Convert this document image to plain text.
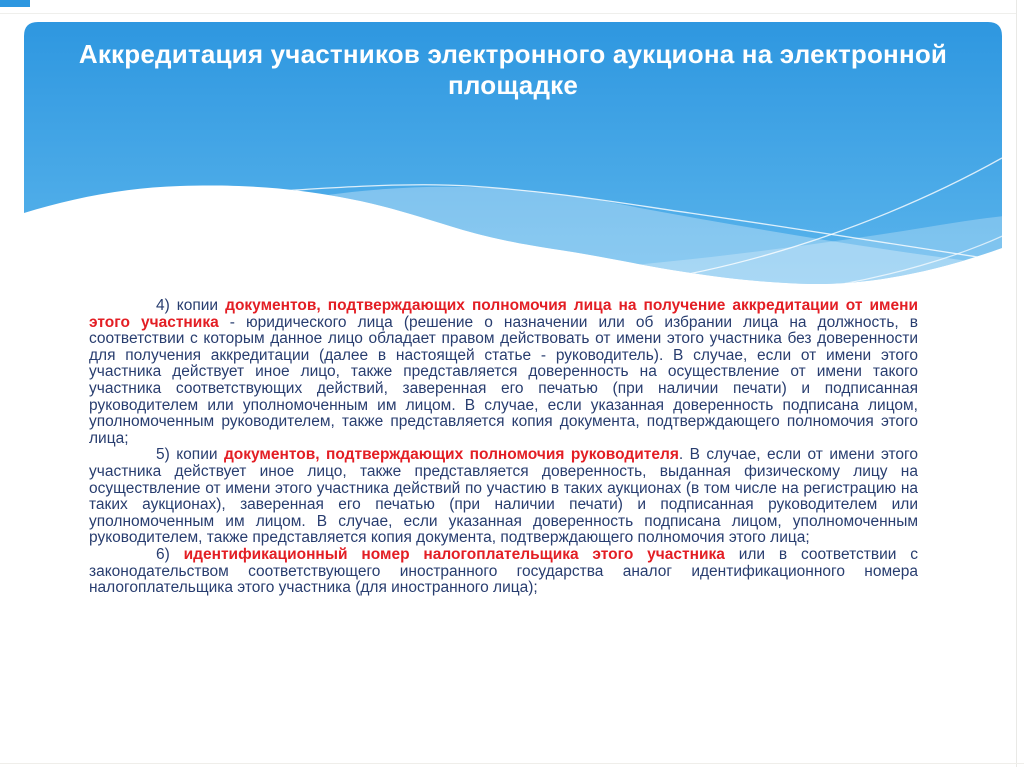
Аккредитация участников электронного аукциона на электронной
площадке

4) копии документов, подтверждающих полномочия лица на получение аккредитации от имени этого участника - юридического лица (решение о назначении или об избрании лица на должность, в соответствии с которым данное лицо обладает правом действовать от имени этого участника без доверенности для получения аккредитации (далее в настоящей статье - руководитель). В случае, если от имени этого участника действует иное лицо, также представляется доверенность на осуществление от имени такого участника соответствующих действий, заверенная его печатью (при наличии печати) и подписанная руководителем или уполномоченным им лицом. В случае, если указанная доверенность подписана лицом, уполномоченным руководителем, также представляется копия документа, подтверждающего полномочия этого лица;

5) копии документов, подтверждающих полномочия руководителя. В случае, если от имени этого участника действует иное лицо, также представляется доверенность, выданная физическому лицу на осуществление от имени этого участника действий по участию в таких аукционах (в том числе на регистрацию на таких аукционах), заверенная его печатью (при наличии печати) и подписанная руководителем или уполномоченным им лицом. В случае, если указанная доверенность подписана лицом, уполномоченным руководителем, также представляется копия документа, подтверждающего полномочия этого лица;

6) идентификационный номер налогоплательщика этого участника или в соответствии с законодательством соответствующего иностранного государства аналог идентификационного номера налогоплательщика этого участника (для иностранного лица);
